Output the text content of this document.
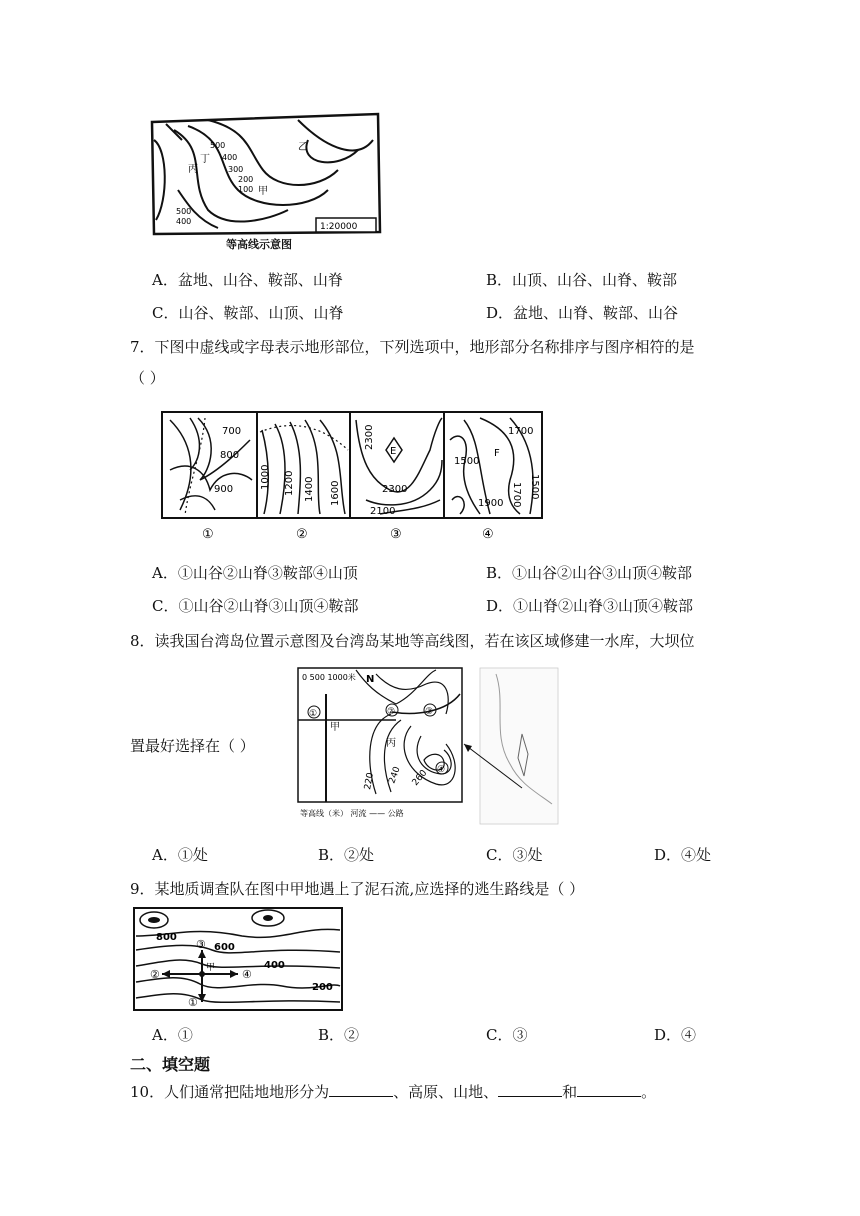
1:20000
甲
乙
丙
丁
500
400
300
200
100
500
400
等高线示意图
A．盆地、山谷、鞍部、山脊	B．山顶、山谷、山脊、鞍部
C．山谷、鞍部、山顶、山脊	D．盆地、山脊、鞍部、山谷
7．下图中虚线或字母表示地形部位，下列选项中，地形部分名称排序与图序相符的是
（ ）
700
800
900	1000 1200 1400 1600
2300
E
2300
2100
1700
1500
F
1500
1700
1900
①	②	③	④
A．①山谷②山脊③鞍部④山顶	B．①山谷②山谷③山顶④鞍部
C．①山谷②山脊③山顶④鞍部	D．①山脊②山脊③山顶④鞍部
8．读我国台湾岛位置示意图及台湾岛某地等高线图，若在该区域修建一水库，大坝位
置最好选择在（ ）
0 500 1000米 N
①	②	③
④
甲
丙
220 240 260
等高线（米） 河流 —— 公路
A．①处	B．②处	C．③处	D．④处
9．某地质调查队在图中甲地遇上了泥石流,应选择的逃生路线是（ ）
800
600
400
200
①
②
③
④
甲
A．①	B．②	C．③	D．④
二、填空题
10．人们通常把陆地地形分为	、高原、山地、	和	。
